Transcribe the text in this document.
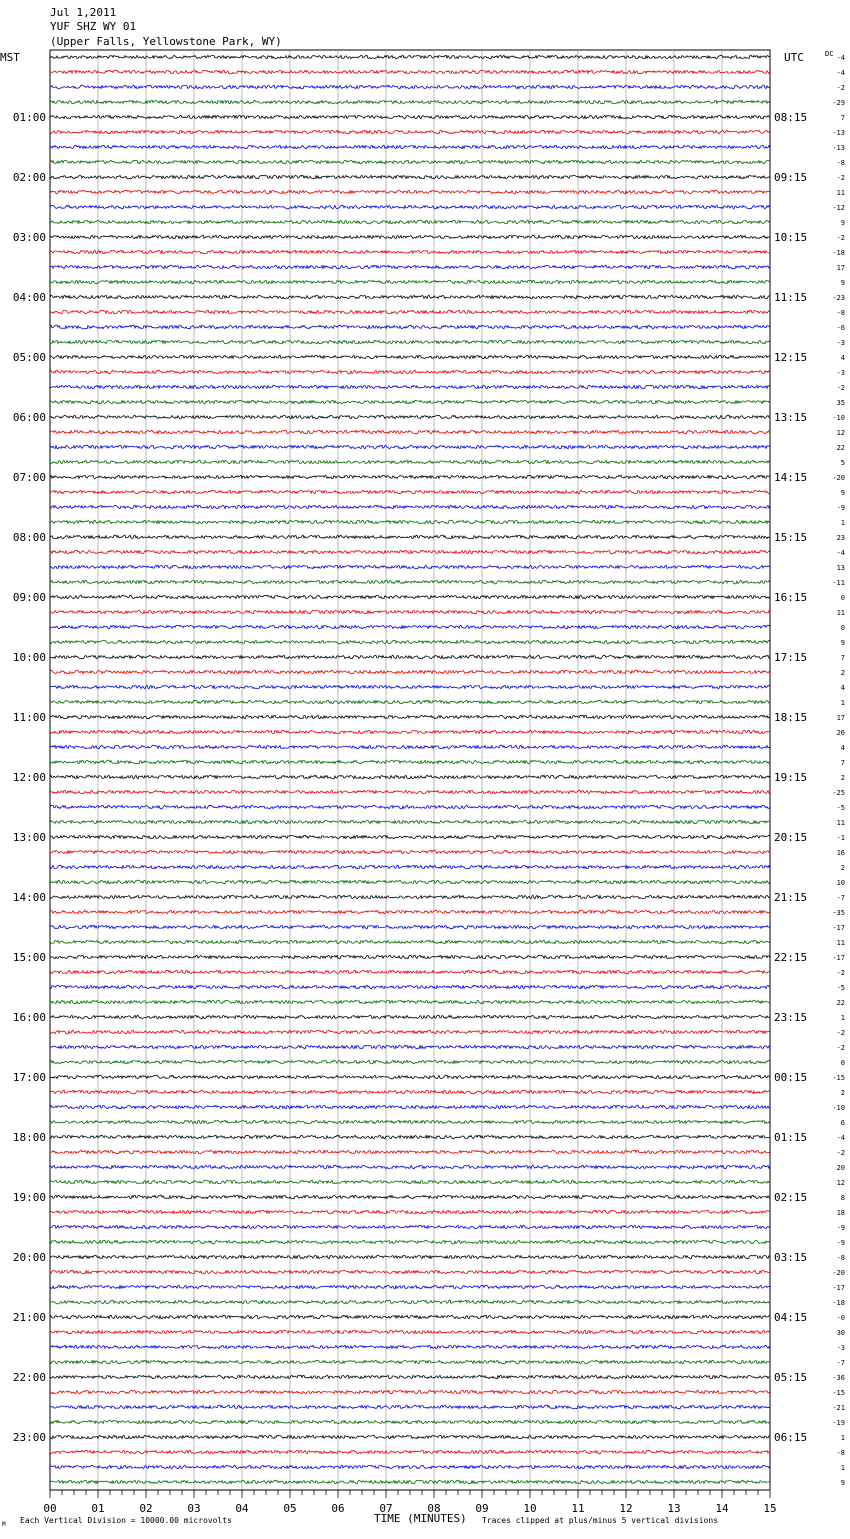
Jul 1,2011
YUF SHZ WY 01
(Upper Falls, Yellowstone Park, WY)
MST	UTC	DC
01:00
02:00
03:00
04:00
05:00
06:00
07:00
08:00
09:00
10:00
11:00
12:00
13:00
14:00
15:00
16:00
17:00
18:00
19:00
20:00
21:00
22:00
23:00
08:15
09:15
10:15
11:15
12:15
13:15
14:15
15:15
16:15
17:15
18:15
19:15
20:15
21:15
22:15
23:15
00:15
01:15
02:15
03:15
04:15
05:15
06:15
-4
-4
-2
-29
7
-13
-13
-8
-2
11
-12
9
-2
-18
17
9
-23
-8
-6
-3
4
-3
-2
35
-10
12
22
5
-20
9
-9
1
23
-4
13
-11
0
11
0
9
7
2
4
1
17
26
4
7
2
-25
-5
11
-1
16
2
10
-7
-35
-17
11
-17
-2
-5
22
1
-2
-2
0
-15
2
-10
6
-4
-2
20
12
8
18
-9
-9
-8
-20
-17
-18
-0
30
-3
-7
-36
-15
-21
-19
1
-8
1
9
00	01	02	03	04	05	06	07	08	09	10	11	12	13	14	15
M Each Vertical Division = 10000.00 microvolts	TIME (MINUTES) Traces clipped at plus/minus 5 vertical divisions
